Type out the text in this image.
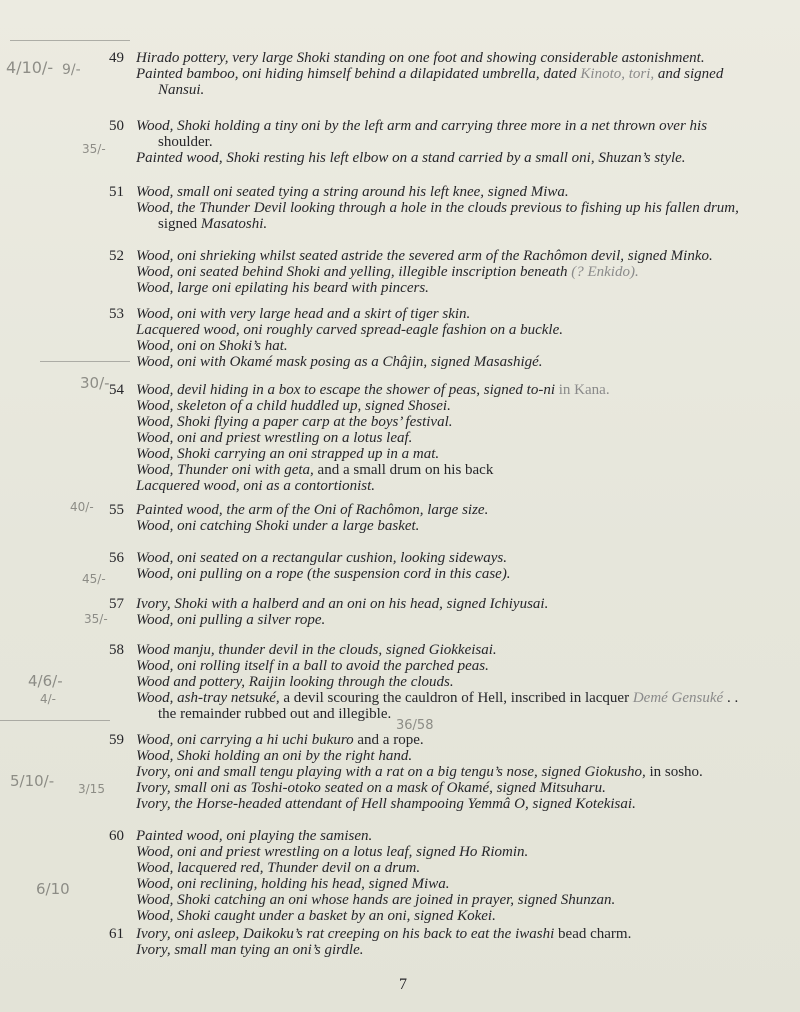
4/10/- 9/-
35/-
30/-
40/-
45/-
35/-
4/6/-
4/-
5/10/- 3/15
6/10
36/58
49 Hirado pottery, very large Shoki standing on one foot and showing considerable astonishment.
Painted bamboo, oni hiding himself behind a dilapidated umbrella, dated Kinoto, tori, and signed
Nansui.
50 Wood, Shoki holding a tiny oni by the left arm and carrying three more in a net thrown over his
shoulder.
Painted wood, Shoki resting his left elbow on a stand carried by a small oni, Shuzan’s style.
51 Wood, small oni seated tying a string around his left knee, signed Miwa.
Wood, the Thunder Devil looking through a hole in the clouds previous to fishing up his fallen drum,
signed Masatoshi.
52 Wood, oni shrieking whilst seated astride the severed arm of the Rachômon devil, signed Minko.
Wood, oni seated behind Shoki and yelling, illegible inscription beneath (? Enkido).
Wood, large oni epilating his beard with pincers.
53 Wood, oni with very large head and a skirt of tiger skin.
Lacquered wood, oni roughly carved spread-eagle fashion on a buckle.
Wood, oni on Shoki’s hat.
Wood, oni with Okamé mask posing as a Châjin, signed Masashigé.
54 Wood, devil hiding in a box to escape the shower of peas, signed to-ni in Kana.
Wood, skeleton of a child huddled up, signed Shosei.
Wood, Shoki flying a paper carp at the boys’ festival.
Wood, oni and priest wrestling on a lotus leaf.
Wood, Shoki carrying an oni strapped up in a mat.
Wood, Thunder oni with geta, and a small drum on his back
Lacquered wood, oni as a contortionist.
55 Painted wood, the arm of the Oni of Rachômon, large size.
Wood, oni catching Shoki under a large basket.
56 Wood, oni seated on a rectangular cushion, looking sideways.
Wood, oni pulling on a rope (the suspension cord in this case).
57 Ivory, Shoki with a halberd and an oni on his head, signed Ichiyusai.
Wood, oni pulling a silver rope.
58 Wood manju, thunder devil in the clouds, signed Giokkeisai.
Wood, oni rolling itself in a ball to avoid the parched peas.
Wood and pottery, Raijin looking through the clouds.
Wood, ash-tray netsuké, a devil scouring the cauldron of Hell, inscribed in lacquer Demé Gensuké . .
the remainder rubbed out and illegible.
59 Wood, oni carrying a hi uchi bukuro and a rope.
Wood, Shoki holding an oni by the right hand.
Ivory, oni and small tengu playing with a rat on a big tengu’s nose, signed Giokusho, in sosho.
Ivory, small oni as Toshi-otoko seated on a mask of Okamé, signed Mitsuharu.
Ivory, the Horse-headed attendant of Hell shampooing Yemmâ O, signed Kotekisai.
60 Painted wood, oni playing the samisen.
Wood, oni and priest wrestling on a lotus leaf, signed Ho Riomin.
Wood, lacquered red, Thunder devil on a drum.
Wood, oni reclining, holding his head, signed Miwa.
Wood, Shoki catching an oni whose hands are joined in prayer, signed Shunzan.
Wood, Shoki caught under a basket by an oni, signed Kokei.
61 Ivory, oni asleep, Daikoku’s rat creeping on his back to eat the iwashi bead charm.
Ivory, small man tying an oni’s girdle.
7
